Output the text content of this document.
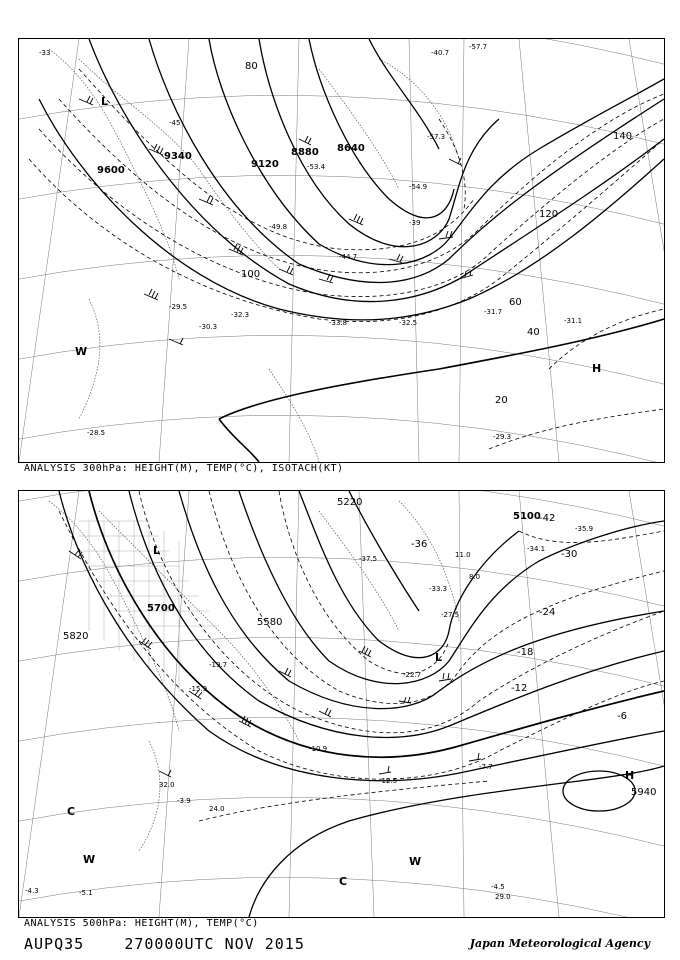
9600
9340
9120
8880 8640
20
40
60
80
100
120
140
L
H
W
-33
-45
-53.4
-54.9
-57.3
-49.8
-44.7
-31.7
-30.3
-29.5
-32.3
-33.8	-32.5	-31.1
-29.3
-28.5
-39
-40.7
-57.7
ANALYSIS 300hPa: HEIGHT(M), TEMP(°C), ISOTACH(KT)
5820
5700
5580
5220
5100
5940
-6
-12
-18
-24
-30
-36
-42
L
L
H
C
C
W	W
-33.3
-37.5
-35.9
-34.1
-27.5
-22.7
-19.7
-15.9
-10.9
-12.5
-7.7
-4.5
-3.9
-5.1
-4.3
24.0
32.0
29.0
8.0
11.0
ANALYSIS 500hPa: HEIGHT(M), TEMP(°C)
AUPQ35	270000UTC NOV 2015	Japan Meteorological Agency
